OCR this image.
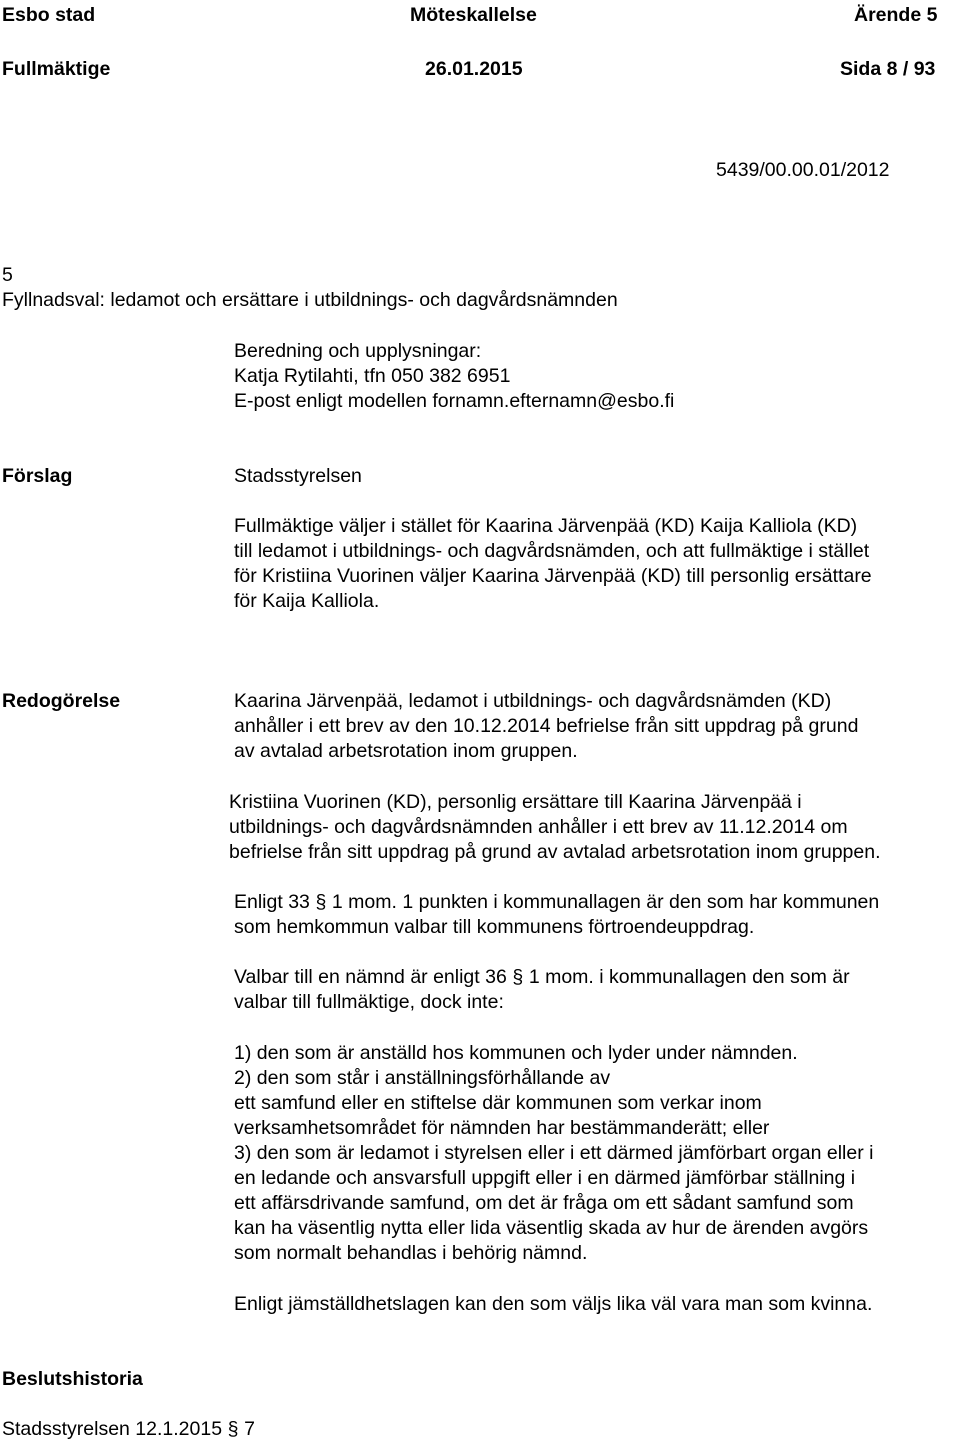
Esbo stad	Möteskallelse	Ärende 5
Fullmäktige	26.01.2015	Sida 8 / 93
5439/00.00.01/2012
5
Fyllnadsval: ledamot och ersättare i utbildnings- och dagvårdsnämnden
Beredning och upplysningar:
Katja Rytilahti, tfn 050 382 6951
E-post enligt modellen fornamn.efternamn@esbo.fi
Förslag	Stadsstyrelsen
Fullmäktige väljer i stället för Kaarina Järvenpää (KD) Kaija Kalliola (KD)
till ledamot i utbildnings- och dagvårdsnämden, och att fullmäktige i stället
för Kristiina Vuorinen väljer Kaarina Järvenpää (KD) till personlig ersättare
för Kaija Kalliola.
Redogörelse	Kaarina Järvenpää, ledamot i utbildnings- och dagvårdsnämden (KD)
anhåller i ett brev av den 10.12.2014 befrielse från sitt uppdrag på grund
av avtalad arbetsrotation inom gruppen.
Kristiina Vuorinen (KD), personlig ersättare till Kaarina Järvenpää i
utbildnings- och dagvårdsnämnden anhåller i ett brev av 11.12.2014 om
befrielse från sitt uppdrag på grund av avtalad arbetsrotation inom gruppen.
Enligt 33 § 1 mom. 1 punkten i kommunallagen är den som har kommunen
som hemkommun valbar till kommunens förtroendeuppdrag.
Valbar till en nämnd är enligt 36 § 1 mom. i kommunallagen den som är
valbar till fullmäktige, dock inte:
1) den som är anställd hos kommunen och lyder under nämnden.
2) den som står i anställningsförhållande av
ett samfund eller en stiftelse där kommunen som verkar inom
verksamhetsområdet för nämnden har bestämmanderätt; eller
3) den som är ledamot i styrelsen eller i ett därmed jämförbart organ eller i
en ledande och ansvarsfull uppgift eller i en därmed jämförbar ställning i
ett affärsdrivande samfund, om det är fråga om ett sådant samfund som
kan ha väsentlig nytta eller lida väsentlig skada av hur de ärenden avgörs
som normalt behandlas i behörig nämnd.
Enligt jämställdhetslagen kan den som väljs lika väl vara man som kvinna.
Beslutshistoria
Stadsstyrelsen 12.1.2015 § 7
